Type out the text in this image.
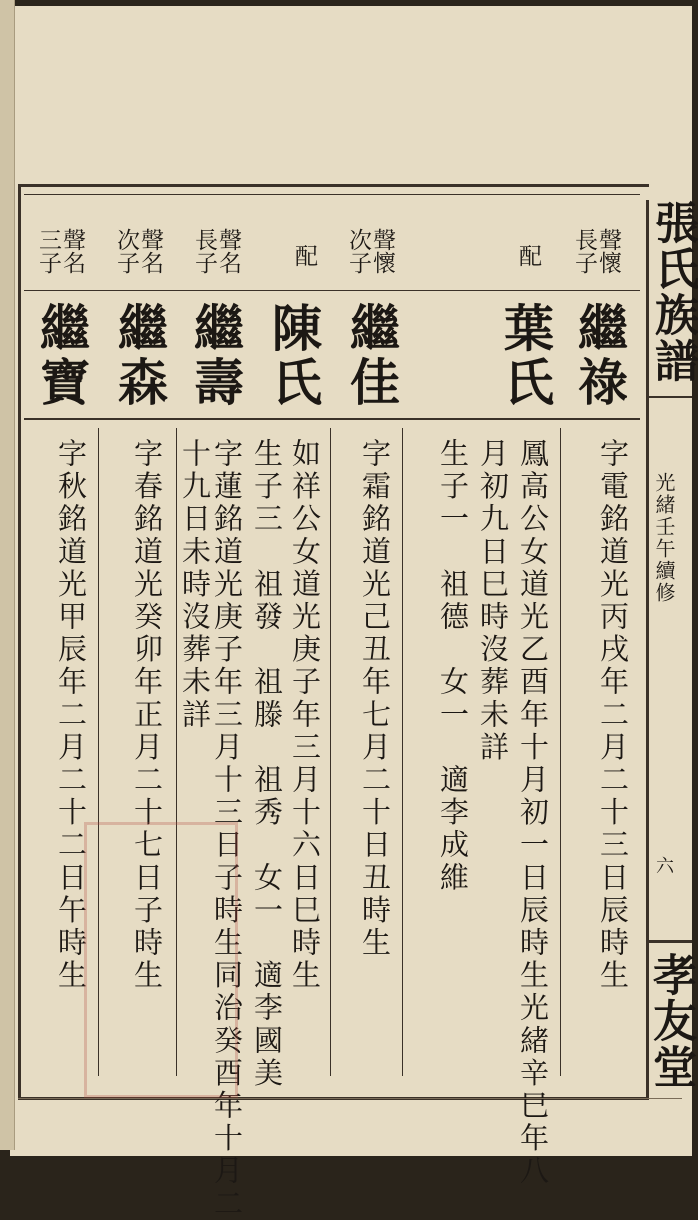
張氏族譜
光緒壬午續修
六
孝友堂
聲懷長子
配
聲懷次子
配
聲名長子
聲名次子
聲名三子
繼祿
葉氏
繼佳
陳氏
繼壽
繼森
繼寶
字電銘道光丙戌年二月二十三日辰時生
鳳高公女道光乙酉年十月初一日辰時生光緒辛巳年八
月初九日巳時沒葬未詳
生子一　祖德　女一　適李成維
字霜銘道光己丑年七月二十日丑時生
如祥公女道光庚子年三月十六日巳時生
生子三　祖發　祖滕　祖秀　女一　適李國美
字蓮銘道光庚子年三月十三日子時生同治癸酉年十月二
十九日未時沒葬未詳
字春銘道光癸卯年正月二十七日子時生
字秋銘道光甲辰年二月二十二日午時生
